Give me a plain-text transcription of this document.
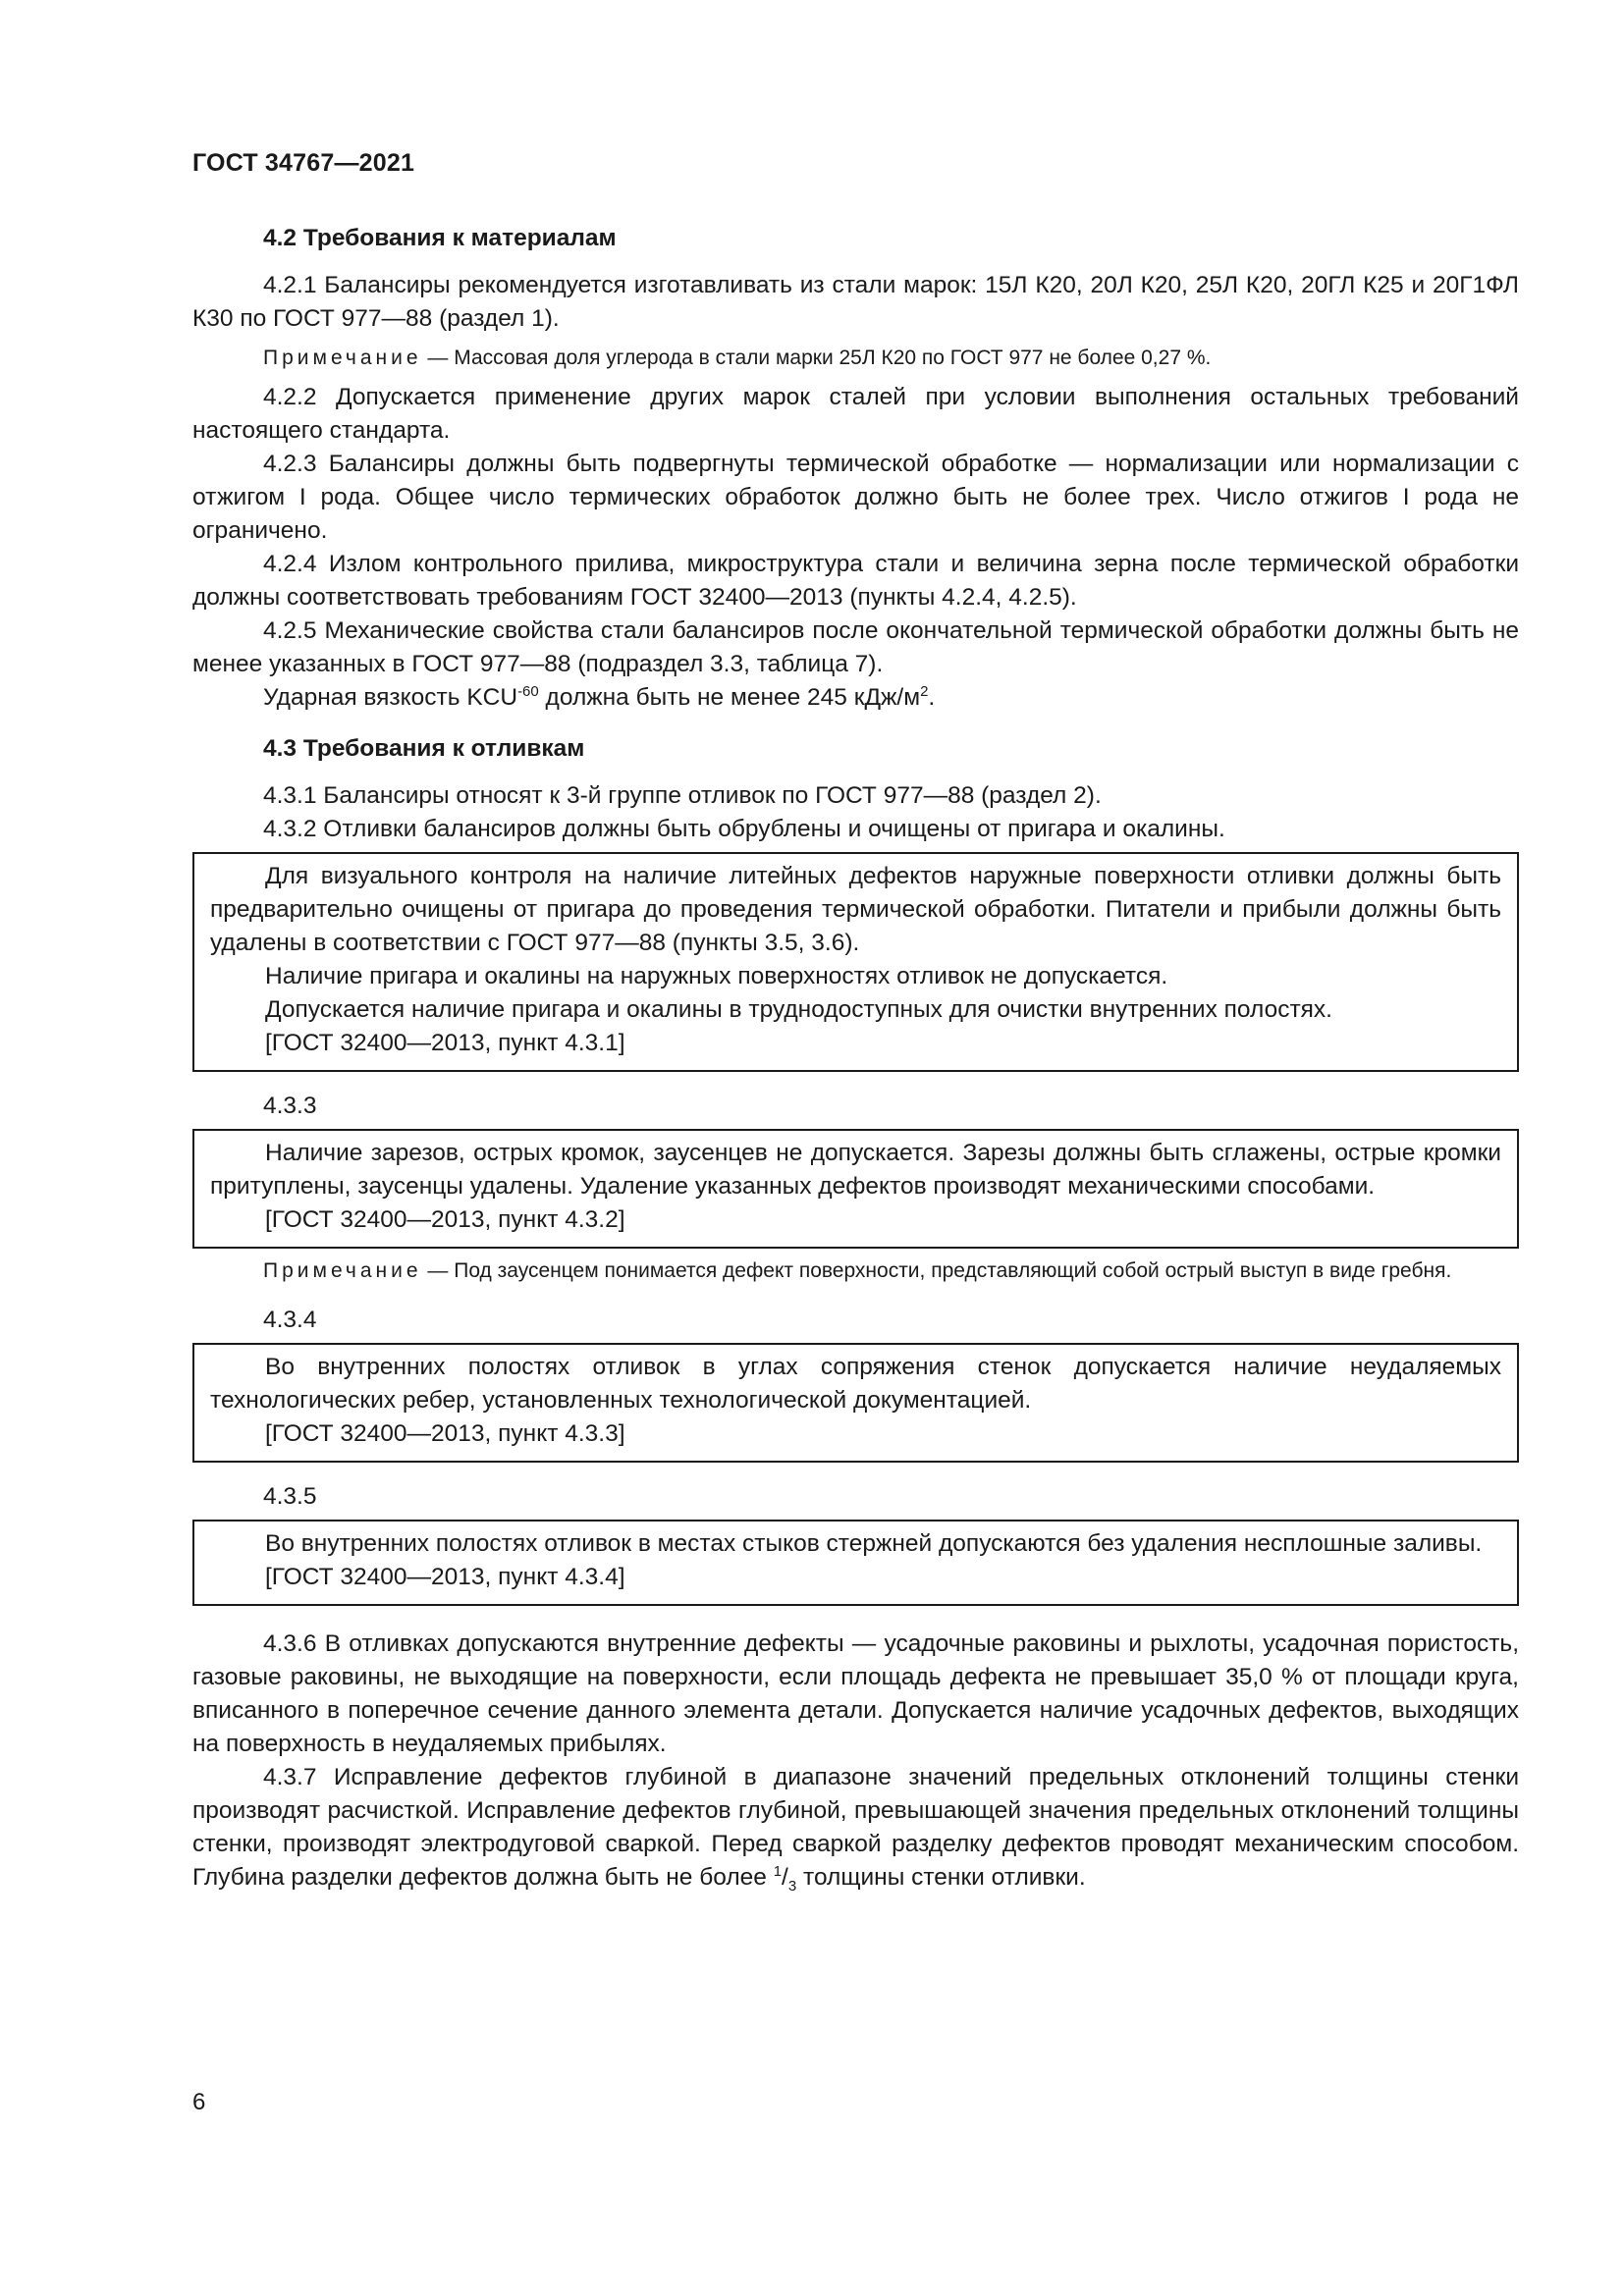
ГОСТ 34767—2021
4.2 Требования к материалам

4.2.1 Балансиры рекомендуется изготавливать из стали марок: 15Л К20, 20Л К20, 25Л К20, 20ГЛ К25 и 20Г1ФЛ К30 по ГОСТ 977—88 (раздел 1).

Примечание — Массовая доля углерода в стали марки 25Л К20 по ГОСТ 977 не более 0,27 %.

4.2.2 Допускается применение других марок сталей при условии выполнения остальных требований настоящего стандарта.

4.2.3 Балансиры должны быть подвергнуты термической обработке — нормализации или нормализации с отжигом I рода. Общее число термических обработок должно быть не более трех. Число отжигов I рода не ограничено.

4.2.4 Излом контрольного прилива, микроструктура стали и величина зерна после термической обработки должны соответствовать требованиям ГОСТ 32400—2013 (пункты 4.2.4, 4.2.5).

4.2.5 Механические свойства стали балансиров после окончательной термической обработки должны быть не менее указанных в ГОСТ 977—88 (подраздел 3.3, таблица 7).

Ударная вязкость $KCU^{-60}$ должна быть не менее 245 кДж/$м^2$.

4.3 Требования к отливкам

4.3.1 Балансиры относят к 3-й группе отливок по ГОСТ 977—88 (раздел 2).

4.3.2 Отливки балансиров должны быть обрублены и очищены от пригара и окалины.

Для визуального контроля на наличие литейных дефектов наружные поверхности отливки должны быть предварительно очищены от пригара до проведения термической обработки. Питатели и прибыли должны быть удалены в соответствии с ГОСТ 977—88 (пункты 3.5, 3.6).

Наличие пригара и окалины на наружных поверхностях отливок не допускается.

Допускается наличие пригара и окалины в труднодоступных для очистки внутренних полостях.

[ГОСТ 32400—2013, пункт 4.3.1]

4.3.3

Наличие зарезов, острых кромок, заусенцев не допускается. Зарезы должны быть сглажены, острые кромки притуплены, заусенцы удалены. Удаление указанных дефектов производят механическими способами.

[ГОСТ 32400—2013, пункт 4.3.2]

Примечание — Под заусенцем понимается дефект поверхности, представляющий собой острый выступ в виде гребня.

4.3.4

Во внутренних полостях отливок в углах сопряжения стенок допускается наличие неудаляемых технологических ребер, установленных технологической документацией.

[ГОСТ 32400—2013, пункт 4.3.3]

4.3.5

Во внутренних полостях отливок в местах стыков стержней допускаются без удаления несплошные заливы.

[ГОСТ 32400—2013, пункт 4.3.4]

4.3.6 В отливках допускаются внутренние дефекты — усадочные раковины и рыхлоты, усадочная пористость, газовые раковины, не выходящие на поверхности, если площадь дефекта не превышает 35,0 % от площади круга, вписанного в поперечное сечение данного элемента детали. Допускается наличие усадочных дефектов, выходящих на поверхность в неудаляемых прибылях.

4.3.7 Исправление дефектов глубиной в диапазоне значений предельных отклонений толщины стенки производят расчисткой. Исправление дефектов глубиной, превышающей значения предельных отклонений толщины стенки, производят электродуговой сваркой. Перед сваркой разделку дефектов проводят механическим способом. Глубина разделки дефектов должна быть не более $^1/_3$ толщины стенки отливки.

6
